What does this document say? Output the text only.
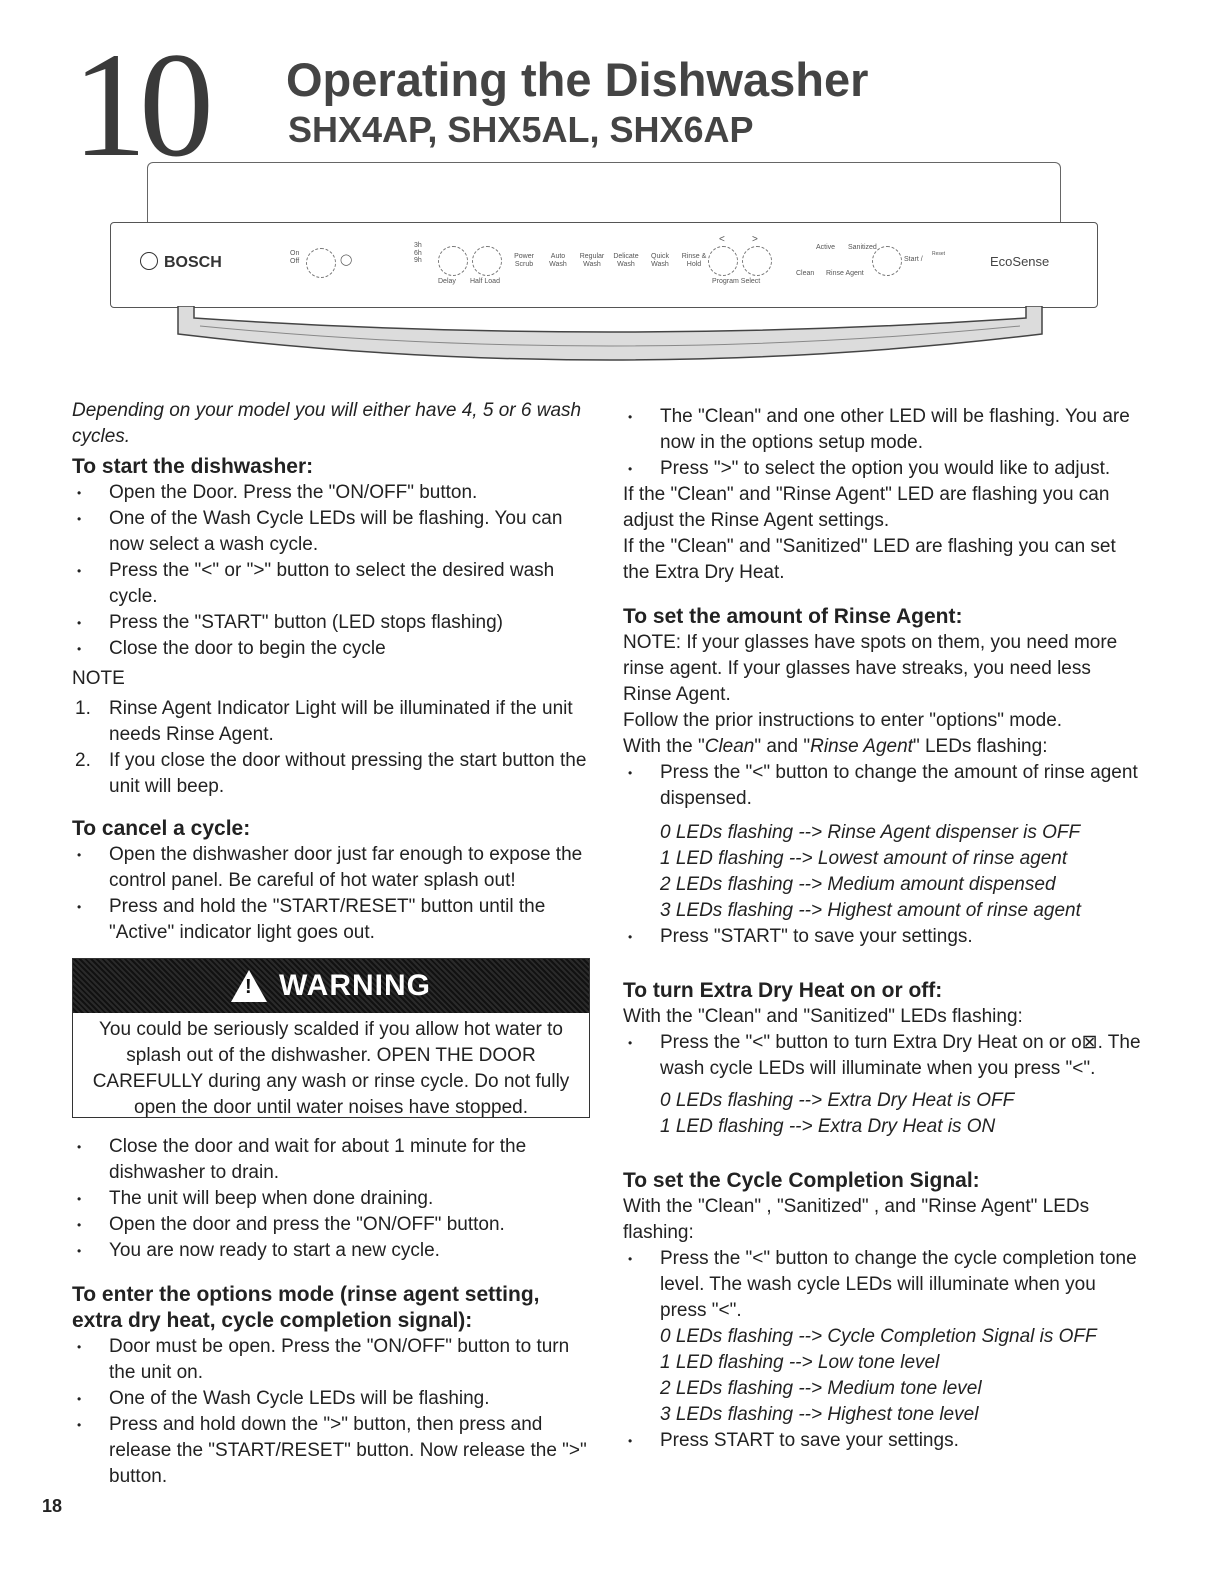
10 Operating the Dishwasher
SHX4AP, SHX5AL, SHX6AP
BOSCH
On
Off	◯
3h
6h
9h
Delay Half Load
Power Scrub
Auto Wash
Regular Wash
Delicate Wash
Quick Wash
Rinse & Hold
<	>
Program Select
Active Sanitized
Clean Rinse Agent
Start /
Reset	EcoSense

Depending on your model you will either have 4, 5 or 6 wash cycles.

To start the dishwasher:

• Open the Door. Press the "ON/OFF" button.

• One of the Wash Cycle LEDs will be flashing. You can now select a wash cycle.

• Press the "<" or ">" button to select the desired wash cycle.

• Press the "START" button (LED stops flashing)

• Close the door to begin the cycle

NOTE

1. Rinse Agent Indicator Light will be illuminated if the unit needs Rinse Agent.

2. If you close the door without pressing the start button the unit will beep.

To cancel a cycle:

• Open the dishwasher door just far enough to expose the control panel. Be careful of hot water splash out!

• Press and hold the "START/RESET" button until the "Active" indicator light goes out.

! WARNING
You could be seriously scalded if you allow hot water to splash out of the dishwasher. OPEN THE DOOR CAREFULLY during any wash or rinse cycle. Do not fully open the door until water noises have stopped.

• Close the door and wait for about 1 minute for the dishwasher to drain.

• The unit will beep when done draining.

• Open the door and press the "ON/OFF" button.

• You are now ready to start a new cycle.

To enter the options mode (rinse agent setting, extra dry heat, cycle completion signal):

• Door must be open. Press the "ON/OFF" button to turn the unit on.

• One of the Wash Cycle LEDs will be flashing.

• Press and hold down the ">" button, then press and release the "START/RESET" button. Now release the ">" button.

• The "Clean" and one other LED will be flashing. You are now in the options setup mode.

• Press ">" to select the option you would like to adjust.

If the "Clean" and "Rinse Agent" LED are flashing you can adjust the Rinse Agent settings.

If the "Clean" and "Sanitized" LED are flashing you can set the Extra Dry Heat.

To set the amount of Rinse Agent:

NOTE: If your glasses have spots on them, you need more rinse agent. If your glasses have streaks, you need less Rinse Agent.

Follow the prior instructions to enter "options" mode.

With the "Clean" and "Rinse Agent" LEDs flashing:

• Press the "<" button to change the amount of rinse agent dispensed.

0 LEDs flashing --> Rinse Agent dispenser is OFF

1 LED flashing --> Lowest amount of rinse agent

2 LEDs flashing --> Medium amount dispensed

3 LEDs flashing --> Highest amount of rinse agent

• Press "START" to save your settings.

To turn Extra Dry Heat on or off:

With the "Clean" and "Sanitized" LEDs flashing:

• Press the "<" button to turn Extra Dry Heat on or o⊠. The wash cycle LEDs will illuminate when you press "<".

0 LEDs flashing --> Extra Dry Heat is OFF

1 LED flashing --> Extra Dry Heat is ON

To set the Cycle Completion Signal:

With the "Clean" , "Sanitized" , and "Rinse Agent" LEDs flashing:

• Press the "<" button to change the cycle completion tone level. The wash cycle LEDs will illuminate when you press "<".

0 LEDs flashing --> Cycle Completion Signal is OFF

1 LED flashing --> Low tone level

2 LEDs flashing --> Medium tone level

3 LEDs flashing --> Highest tone level

• Press START to save your settings.

18
